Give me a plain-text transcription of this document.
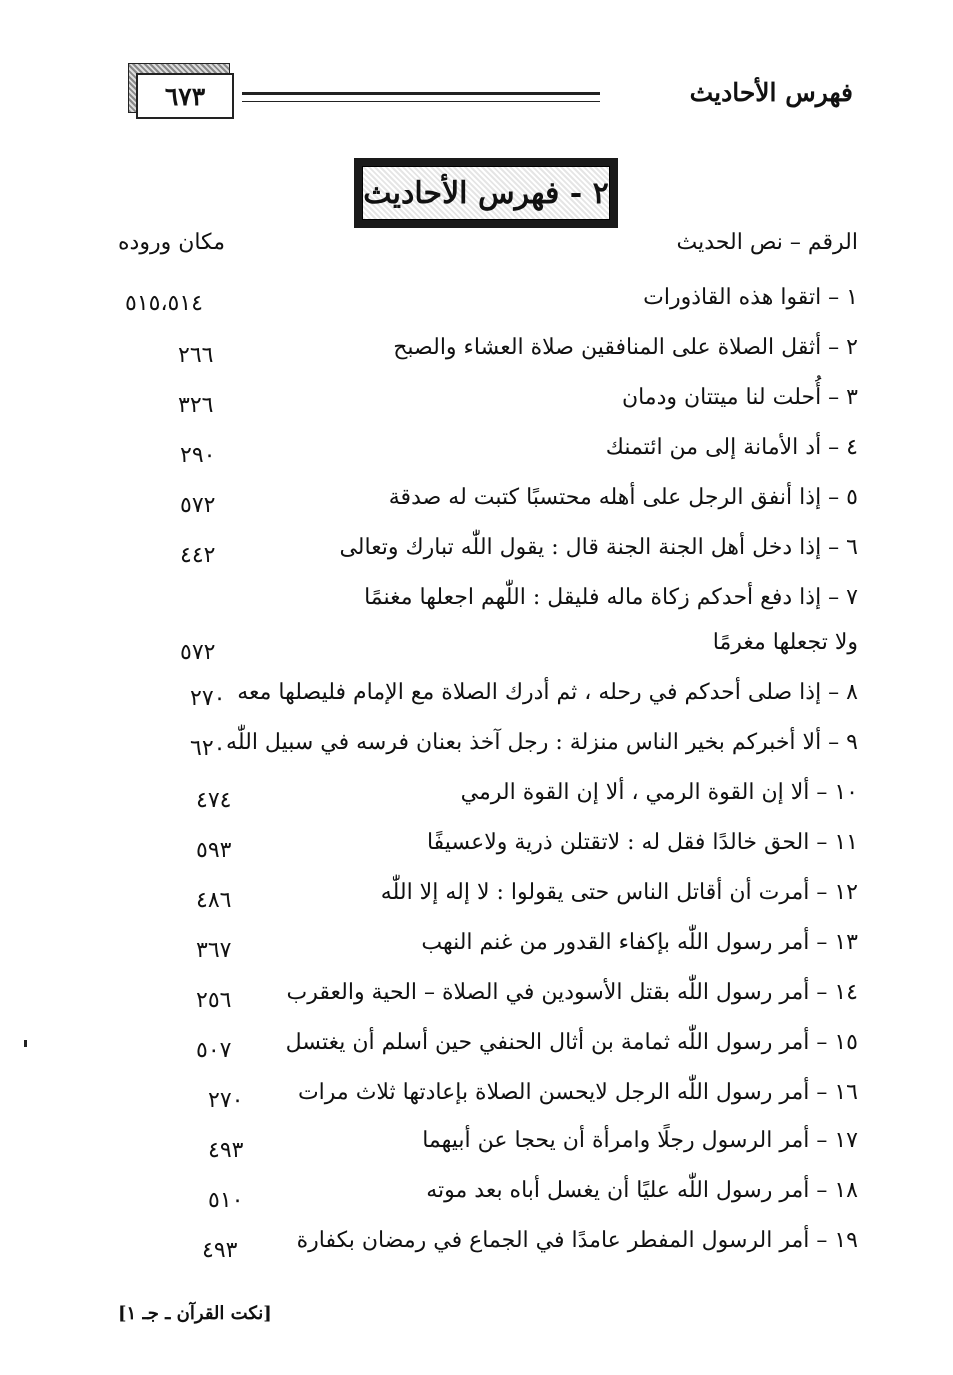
فهرس الأحاديث
٦٧٣
٢ - فهرس الأحاديث
الرقم – نص الحديث
مكان وروده
١ – اتقوا هذه القاذورات
٥١٥،٥١٤
٢ – أثقل الصلاة على المنافقين صلاة العشاء والصبح
٢٦٦
٣ – أُحلت لنا ميتتان ودمان
٣٢٦
٤ – أد الأمانة إلى من ائتمنك
٢٩٠
٥ – إذا أنفق الرجل على أهله محتسبًا كتبت له صدقة
٥٧٢
٦ – إذا دخل أهل الجنة الجنة قال : يقول اللّٰه تبارك وتعالى
٤٤٢
٧ – إذا دفع أحدكم زكاة ماله فليقل : اللّٰهم اجعلها مغنمًا
ولا تجعلها مغرمًا
٥٧٢
٨ – إذا صلى أحدكم في رحله ، ثم أدرك الصلاة مع الإمام فليصلها معه
٢٧٠
٩ – ألا أخبركم بخير الناس منزلة : رجل آخذ بعنان فرسه في سبيل اللّٰه
٦٢٠
١٠ – ألا إن القوة الرمي ، ألا إن القوة الرمي
٤٧٤
١١ – الحق خالدًا فقل له : لاتقتلن ذرية ولاعسيفًا
٥٩٣
١٢ – أمرت أن أقاتل الناس حتى يقولوا : لا إله إلا اللّٰه
٤٨٦
١٣ – أمر رسول اللّٰه بإكفاء القدور من غنم النهب
٣٦٧
١٤ – أمر رسول اللّٰه بقتل الأسودين في الصلاة – الحية والعقرب
٢٥٦
١٥ – أمر رسول اللّٰه ثمامة بن أثال الحنفي حين أسلم أن يغتسل
٥٠٧
١٦ – أمر رسول اللّٰه الرجل لايحسن الصلاة بإعادتها ثلاث مرات
٢٧٠
١٧ – أمر الرسول رجلًا وامرأة أن يحجا عن أبيهما
٤٩٣
١٨ – أمر رسول اللّٰه عليًا أن يغسل أباه بعد موته
٥١٠
١٩ – أمر الرسول المفطر عامدًا في الجماع في رمضان بكفارة
٤٩٣
[نكت القرآن ـ جـ ١]
